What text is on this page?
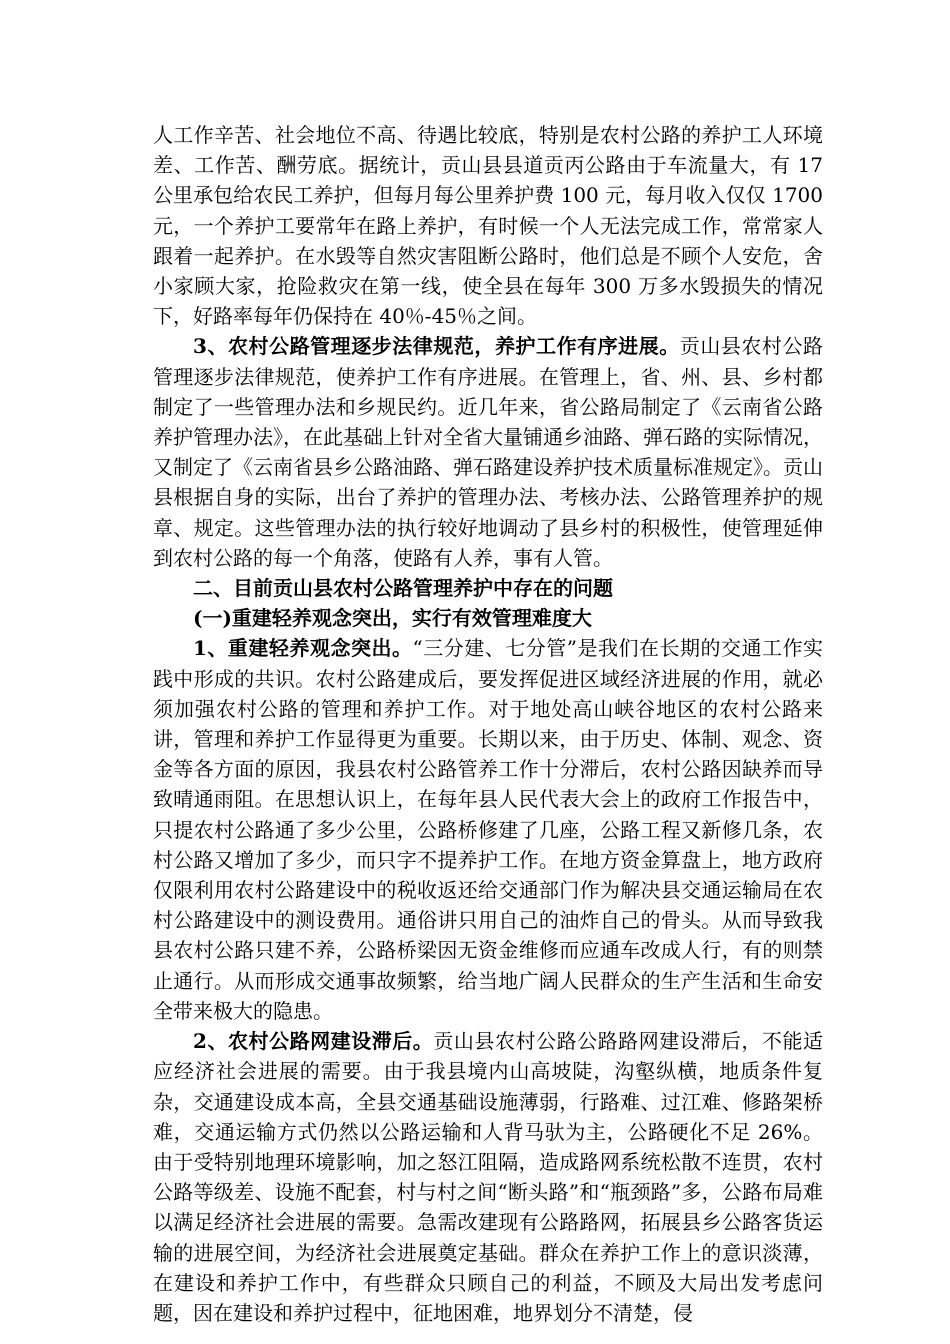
人工作辛苦、社会地位不高、待遇比较底，特别是农村公路的养护工人环境差、工作苦、酬劳底。据统计，贡山县县道贡丙公路由于车流量大，有 17 公里承包给农民工养护，但每月每公里养护费 100 元，每月收入仅仅 1700 元，一个养护工要常年在路上养护，有时候一个人无法完成工作，常常家人跟着一起养护。在水毁等自然灾害阻断公路时，他们总是不顾个人安危，舍小家顾大家，抢险救灾在第一线，使全县在每年 300 万多水毁损失的情况下，好路率每年仍保持在 40％-45％之间。

3、农村公路管理逐步法律规范，养护工作有序进展。贡山县农村公路管理逐步法律规范，使养护工作有序进展。在管理上，省、州、县、乡村都制定了一些管理办法和乡规民约。近几年来，省公路局制定了《云南省公路养护管理办法》，在此基础上针对全省大量铺通乡油路、弹石路的实际情况，又制定了《云南省县乡公路油路、弹石路建设养护技术质量标准规定》。贡山县根据自身的实际，出台了养护的管理办法、考核办法、公路管理养护的规章、规定。这些管理办法的执行较好地调动了县乡村的积极性，使管理延伸到农村公路的每一个角落，使路有人养，事有人管。

二、目前贡山县农村公路管理养护中存在的问题

(一)重建轻养观念突出，实行有效管理难度大

1、重建轻养观念突出。“三分建、七分管”是我们在长期的交通工作实践中形成的共识。农村公路建成后，要发挥促进区域经济进展的作用，就必须加强农村公路的管理和养护工作。对于地处高山峡谷地区的农村公路来讲，管理和养护工作显得更为重要。长期以来，由于历史、体制、观念、资金等各方面的原因，我县农村公路管养工作十分滞后，农村公路因缺养而导致晴通雨阻。在思想认识上，在每年县人民代表大会上的政府工作报告中，只提农村公路通了多少公里，公路桥修建了几座，公路工程又新修几条，农村公路又增加了多少，而只字不提养护工作。在地方资金算盘上，地方政府仅限利用农村公路建设中的税收返还给交通部门作为解决县交通运输局在农村公路建设中的测设费用。通俗讲只用自己的油炸自己的骨头。从而导致我县农村公路只建不养，公路桥梁因无资金维修而应通车改成人行，有的则禁止通行。从而形成交通事故频繁，给当地广阔人民群众的生产生活和生命安全带来极大的隐患。

2、农村公路网建设滞后。贡山县农村公路公路路网建设滞后，不能适应经济社会进展的需要。由于我县境内山高坡陡，沟壑纵横，地质条件复杂，交通建设成本高，全县交通基础设施薄弱，行路难、过江难、修路架桥难，交通运输方式仍然以公路运输和人背马驮为主，公路硬化不足 26%。由于受特别地理环境影响，加之怒江阻隔，造成路网系统松散不连贯，农村公路等级差、设施不配套，村与村之间“断头路”和“瓶颈路”多，公路布局难以满足经济社会进展的需要。急需改建现有公路路网，拓展县乡公路客货运输的进展空间，为经济社会进展奠定基础。群众在养护工作上的意识淡薄，在建设和养护工作中，有些群众只顾自己的利益，不顾及大局出发考虑问题，因在建设和养护过程中，征地困难，地界划分不清楚，侵
